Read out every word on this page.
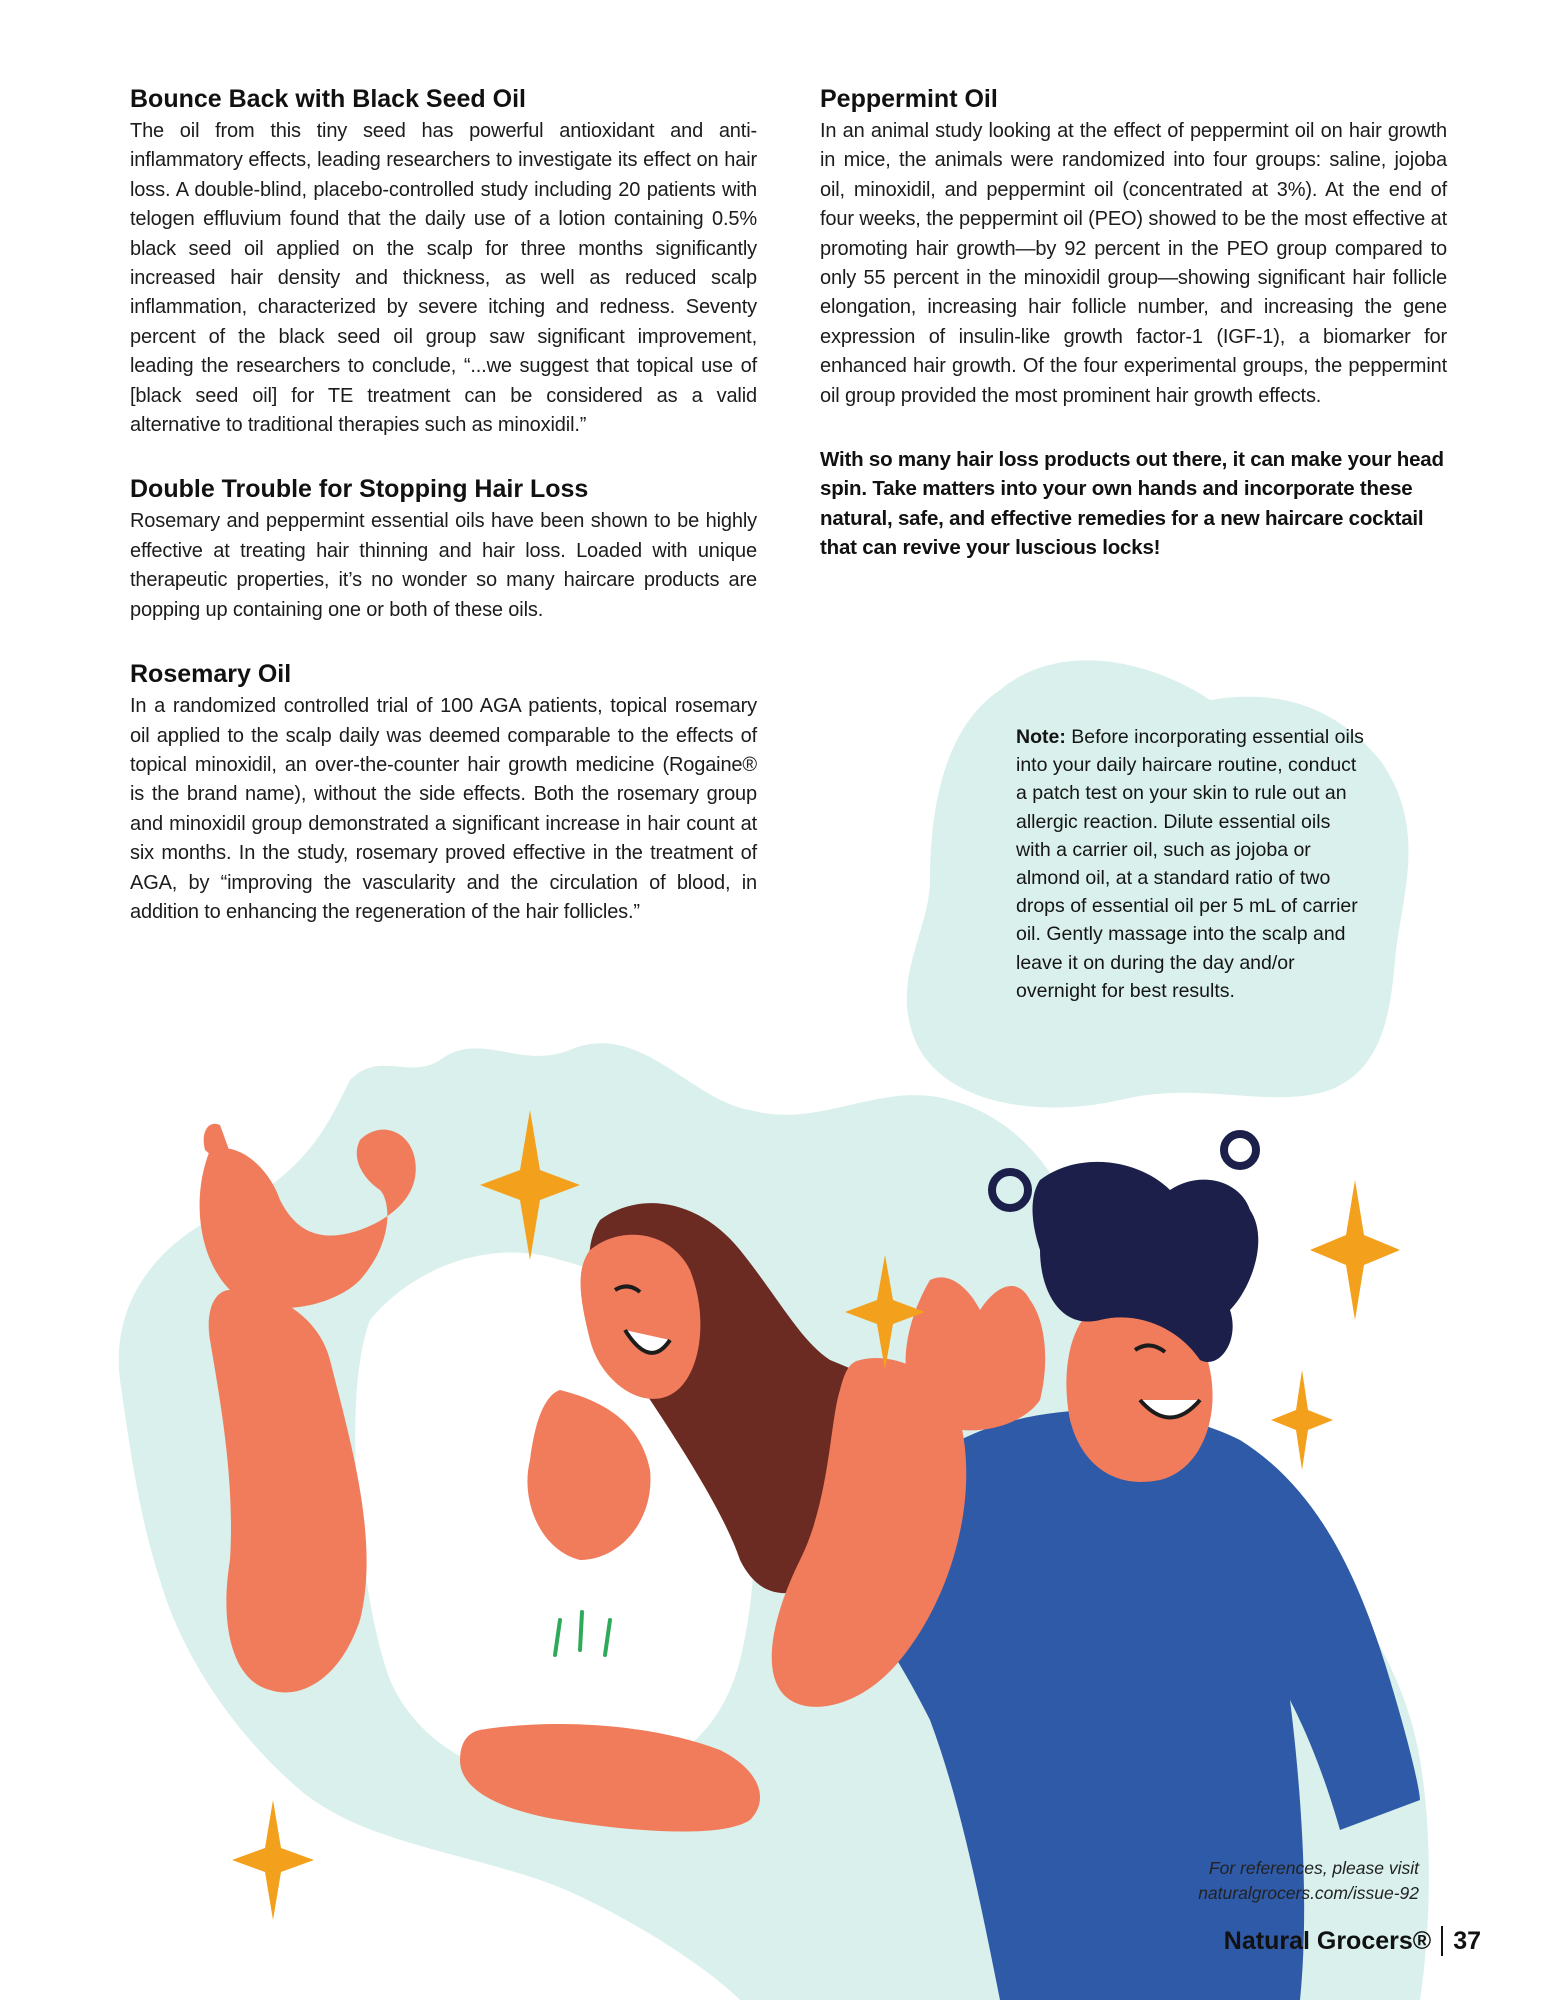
Bounce Back with Black Seed Oil

The oil from this tiny seed has powerful antioxidant and anti-inflammatory effects, leading researchers to investigate its effect on hair loss. A double-blind, placebo-controlled study including 20 patients with telogen effluvium found that the daily use of a lotion containing 0.5% black seed oil applied on the scalp for three months significantly increased hair density and thickness, as well as reduced scalp inflammation, characterized by severe itching and redness. Seventy percent of the black seed oil group saw significant improvement, leading the researchers to conclude, “...we suggest that topical use of [black seed oil] for TE treatment can be considered as a valid alternative to traditional therapies such as minoxidil.”

Double Trouble for Stopping Hair Loss

Rosemary and peppermint essential oils have been shown to be highly effective at treating hair thinning and hair loss. Loaded with unique therapeutic properties, it’s no wonder so many haircare products are popping up containing one or both of these oils.

Rosemary Oil

In a randomized controlled trial of 100 AGA patients, topical rosemary oil applied to the scalp daily was deemed comparable to the effects of topical minoxidil, an over-the-counter hair growth medicine (Rogaine® is the brand name), without the side effects. Both the rosemary group and minoxidil group demonstrated a significant increase in hair count at six months. In the study, rosemary proved effective in the treatment of AGA, by “improving the vascularity and the circulation of blood, in addition to enhancing the regeneration of the hair follicles.”

Peppermint Oil

In an animal study looking at the effect of peppermint oil on hair growth in mice, the animals were randomized into four groups: saline, jojoba oil, minoxidil, and peppermint oil (concentrated at 3%). At the end of four weeks, the peppermint oil (PEO) showed to be the most effective at promoting hair growth—by 92 percent in the PEO group compared to only 55 percent in the minoxidil group—showing significant hair follicle elongation, increasing hair follicle number, and increasing the gene expression of insulin-like growth factor-1 (IGF-1), a biomarker for enhanced hair growth. Of the four experimental groups, the peppermint oil group provided the most prominent hair growth effects.

With so many hair loss products out there, it can make your head spin. Take matters into your own hands and incorporate these natural, safe, and effective remedies for a new haircare cocktail that can revive your luscious locks!

Note: Before incorporating essential oils into your daily haircare routine, conduct a patch test on your skin to rule out an allergic reaction. Dilute essential oils with a carrier oil, such as jojoba or almond oil, at a standard ratio of two drops of essential oil per 5 mL of carrier oil. Gently massage into the scalp and leave it on during the day and/or overnight for best results.
For references, please visit
naturalgrocers.com/issue-92
Natural Grocers® 37
